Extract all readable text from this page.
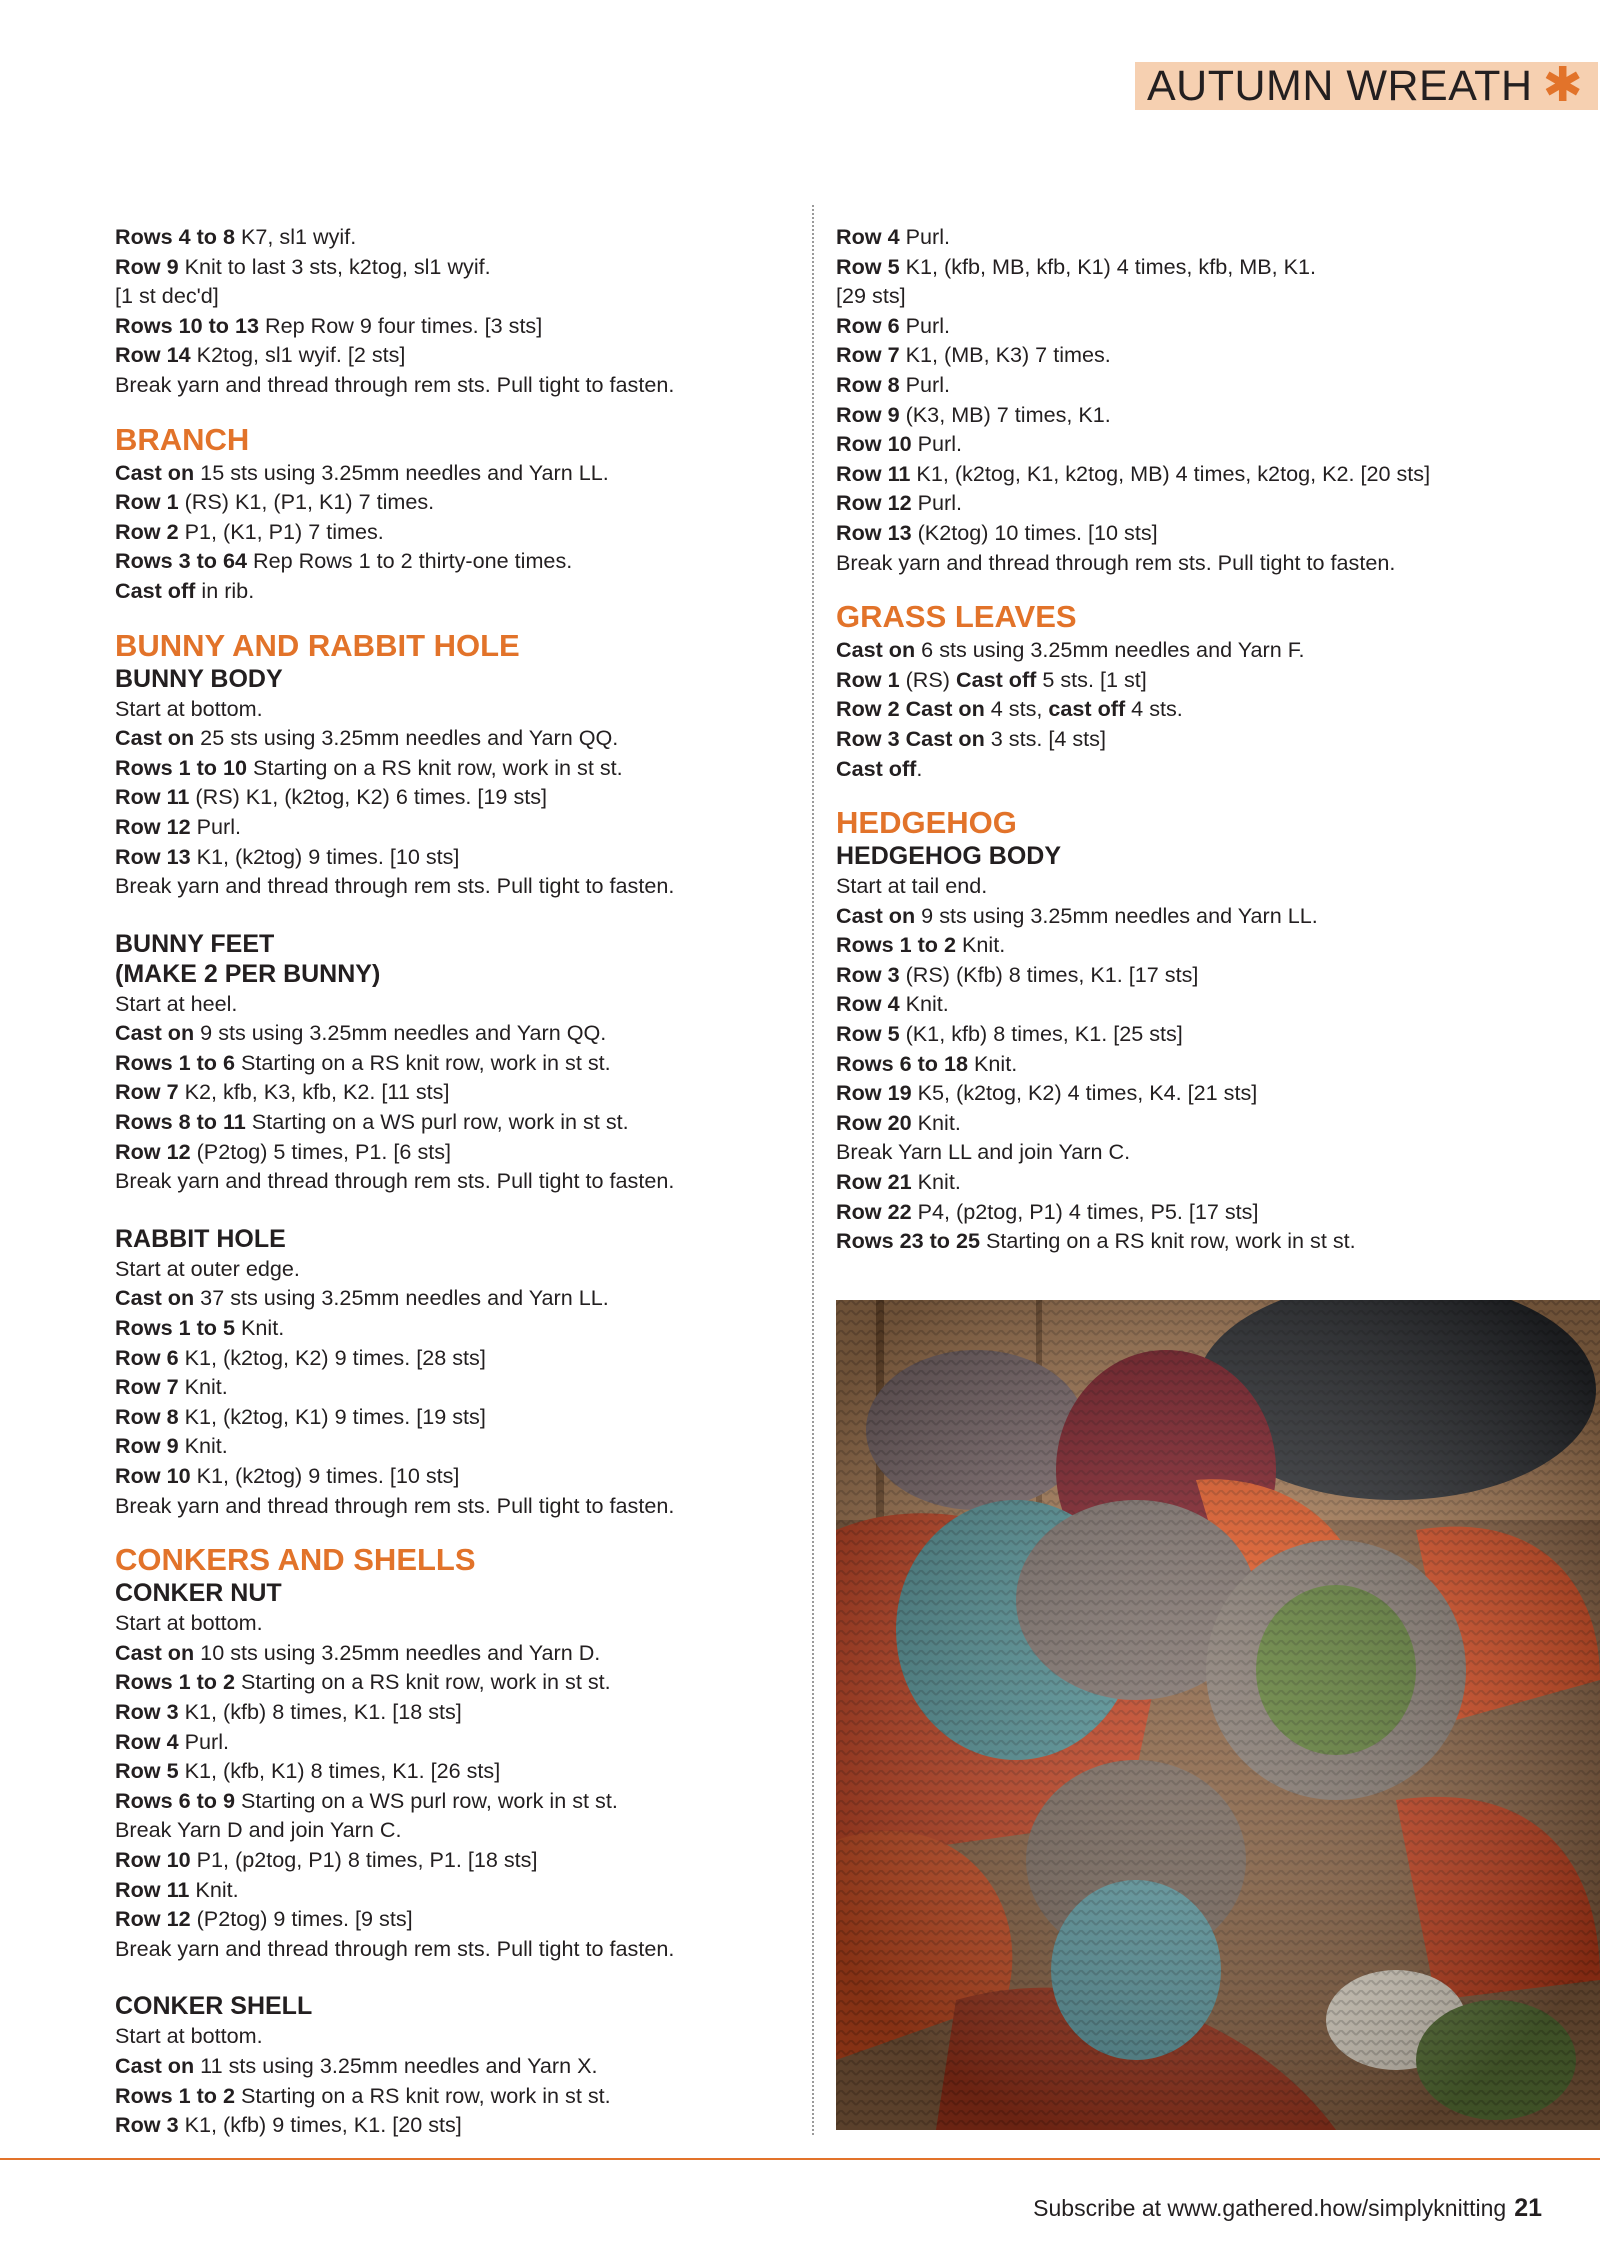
AUTUMN WREATH ✱
Rows 4 to 8 K7, sl1 wyif.
Row 9 Knit to last 3 sts, k2tog, sl1 wyif.
[1 st dec'd]
Rows 10 to 13 Rep Row 9 four times. [3 sts]
Row 14 K2tog, sl1 wyif. [2 sts]
Break yarn and thread through rem sts. Pull tight to fasten.
BRANCH
Cast on 15 sts using 3.25mm needles and Yarn LL.
Row 1 (RS) K1, (P1, K1) 7 times.
Row 2 P1, (K1, P1) 7 times.
Rows 3 to 64 Rep Rows 1 to 2 thirty-one times.
Cast off in rib.
BUNNY AND RABBIT HOLE
BUNNY BODY
Start at bottom.
Cast on 25 sts using 3.25mm needles and Yarn QQ.
Rows 1 to 10 Starting on a RS knit row, work in st st.
Row 11 (RS) K1, (k2tog, K2) 6 times. [19 sts]
Row 12 Purl.
Row 13 K1, (k2tog) 9 times. [10 sts]
Break yarn and thread through rem sts. Pull tight to fasten.
BUNNY FEET
(MAKE 2 PER BUNNY)
Start at heel.
Cast on 9 sts using 3.25mm needles and Yarn QQ.
Rows 1 to 6 Starting on a RS knit row, work in st st.
Row 7 K2, kfb, K3, kfb, K2. [11 sts]
Rows 8 to 11 Starting on a WS purl row, work in st st.
Row 12 (P2tog) 5 times, P1. [6 sts]
Break yarn and thread through rem sts. Pull tight to fasten.
RABBIT HOLE
Start at outer edge.
Cast on 37 sts using 3.25mm needles and Yarn LL.
Rows 1 to 5 Knit.
Row 6 K1, (k2tog, K2) 9 times. [28 sts]
Row 7 Knit.
Row 8 K1, (k2tog, K1) 9 times. [19 sts]
Row 9 Knit.
Row 10 K1, (k2tog) 9 times. [10 sts]
Break yarn and thread through rem sts. Pull tight to fasten.
CONKERS AND SHELLS
CONKER NUT
Start at bottom.
Cast on 10 sts using 3.25mm needles and Yarn D.
Rows 1 to 2 Starting on a RS knit row, work in st st.
Row 3 K1, (kfb) 8 times, K1. [18 sts]
Row 4 Purl.
Row 5 K1, (kfb, K1) 8 times, K1. [26 sts]
Rows 6 to 9 Starting on a WS purl row, work in st st.
Break Yarn D and join Yarn C.
Row 10 P1, (p2tog, P1) 8 times, P1. [18 sts]
Row 11 Knit.
Row 12 (P2tog) 9 times. [9 sts]
Break yarn and thread through rem sts. Pull tight to fasten.
CONKER SHELL
Start at bottom.
Cast on 11 sts using 3.25mm needles and Yarn X.
Rows 1 to 2 Starting on a RS knit row, work in st st.
Row 3 K1, (kfb) 9 times, K1. [20 sts]
Row 4 Purl.
Row 5 K1, (kfb, MB, kfb, K1) 4 times, kfb, MB, K1.
[29 sts]
Row 6 Purl.
Row 7 K1, (MB, K3) 7 times.
Row 8 Purl.
Row 9 (K3, MB) 7 times, K1.
Row 10 Purl.
Row 11 K1, (k2tog, K1, k2tog, MB) 4 times, k2tog, K2. [20 sts]
Row 12 Purl.
Row 13 (K2tog) 10 times. [10 sts]
Break yarn and thread through rem sts. Pull tight to fasten.
GRASS LEAVES
Cast on 6 sts using 3.25mm needles and Yarn F.
Row 1 (RS) Cast off 5 sts. [1 st]
Row 2 Cast on 4 sts, cast off 4 sts.
Row 3 Cast on 3 sts. [4 sts]
Cast off.
HEDGEHOG
HEDGEHOG BODY
Start at tail end.
Cast on 9 sts using 3.25mm needles and Yarn LL.
Rows 1 to 2 Knit.
Row 3 (RS) (Kfb) 8 times, K1. [17 sts]
Row 4 Knit.
Row 5 (K1, kfb) 8 times, K1. [25 sts]
Rows 6 to 18 Knit.
Row 19 K5, (k2tog, K2) 4 times, K4. [21 sts]
Row 20 Knit.
Break Yarn LL and join Yarn C.
Row 21 Knit.
Row 22 P4, (p2tog, P1) 4 times, P5. [17 sts]
Rows 23 to 25 Starting on a RS knit row, work in st st.
Subscribe at www.gathered.how/simplyknitting 21
